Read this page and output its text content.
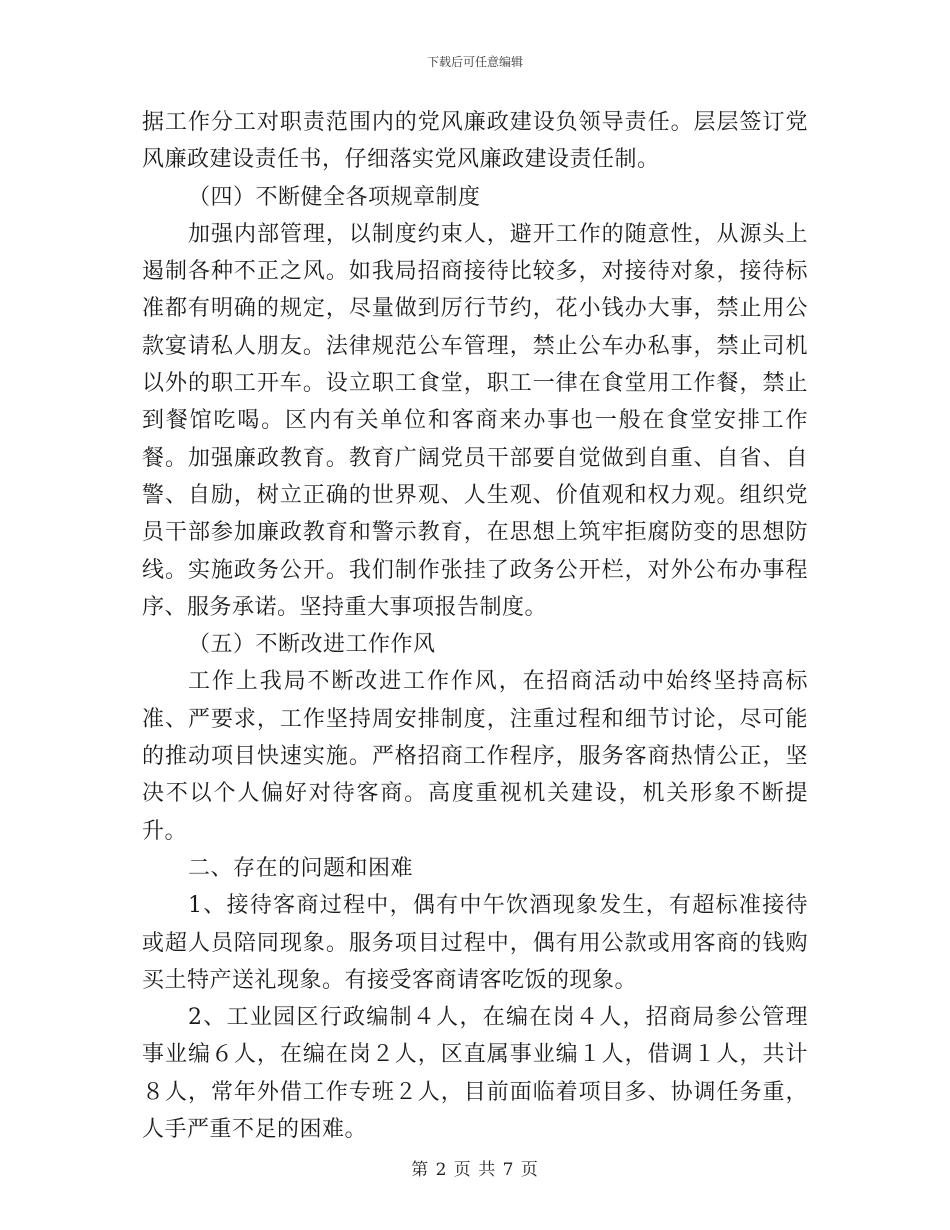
下载后可任意编辑

据工作分工对职责范围内的党风廉政建设负领导责任。层层签订党风廉政建设责任书，仔细落实党风廉政建设责任制。

（四）不断健全各项规章制度

加强内部管理，以制度约束人，避开工作的随意性，从源头上遏制各种不正之风。如我局招商接待比较多，对接待对象，接待标准都有明确的规定，尽量做到厉行节约，花小钱办大事，禁止用公款宴请私人朋友。法律规范公车管理，禁止公车办私事，禁止司机以外的职工开车。设立职工食堂，职工一律在食堂用工作餐，禁止到餐馆吃喝。区内有关单位和客商来办事也一般在食堂安排工作餐。加强廉政教育。教育广阔党员干部要自觉做到自重、自省、自警、自励，树立正确的世界观、人生观、价值观和权力观。组织党员干部参加廉政教育和警示教育，在思想上筑牢拒腐防变的思想防线。实施政务公开。我们制作张挂了政务公开栏，对外公布办事程序、服务承诺。坚持重大事项报告制度。

（五）不断改进工作作风

工作上我局不断改进工作作风，在招商活动中始终坚持高标准、严要求，工作坚持周安排制度，注重过程和细节讨论，尽可能的推动项目快速实施。严格招商工作程序，服务客商热情公正，坚决不以个人偏好对待客商。高度重视机关建设，机关形象不断提升。

二、存在的问题和困难

1、接待客商过程中，偶有中午饮酒现象发生，有超标准接待或超人员陪同现象。服务项目过程中，偶有用公款或用客商的钱购买土特产送礼现象。有接受客商请客吃饭的现象。

2、工业园区行政编制４人，在编在岗４人，招商局参公管理事业编６人，在编在岗２人，区直属事业编１人，借调１人，共计８人，常年外借工作专班２人，目前面临着项目多、协调任务重，人手严重不足的困难。

第 2 页 共 7 页
